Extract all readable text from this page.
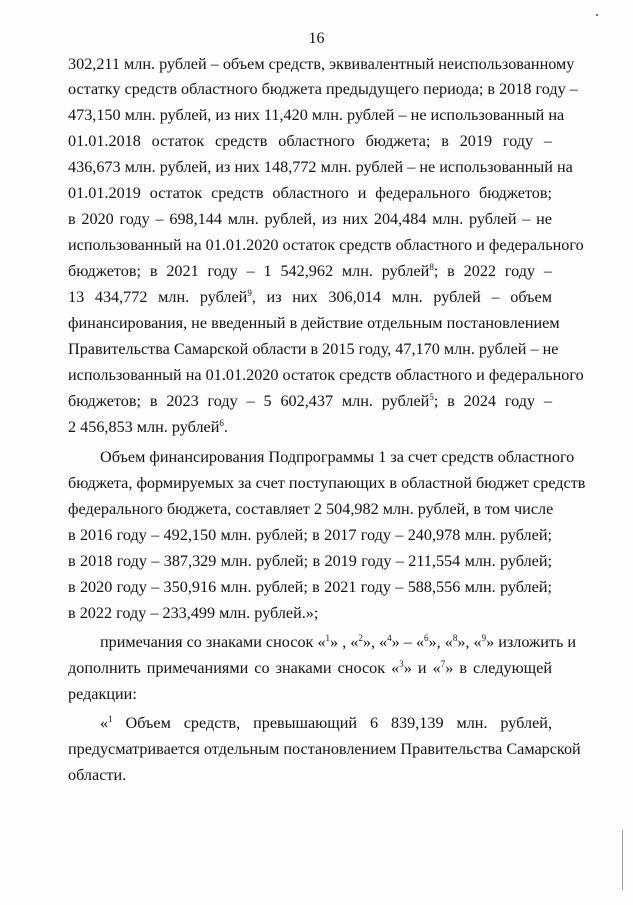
16
302,211 млн. рублей – объем средств, эквивалентный неиспользованному
остатку средств областного бюджета предыдущего периода; в 2018 году –
473,150 млн. рублей, из них 11,420 млн. рублей – не использованный на
01.01.2018 остаток средств областного бюджета; в 2019 году –
436,673 млн. рублей, из них 148,772 млн. рублей – не использованный на
01.01.2019 остаток средств областного и федерального бюджетов;
в 2020 году – 698,144 млн. рублей, из них 204,484 млн. рублей – не
использованный на 01.01.2020 остаток средств областного и федерального
бюджетов; в 2021 году – 1 542,962 млн. рублей$^8$; в 2022 году –
13 434,772 млн. рублей$^9$, из них 306,014 млн. рублей – объем
финансирования, не введенный в действие отдельным постановлением
Правительства Самарской области в 2015 году, 47,170 млн. рублей – не
использованный на 01.01.2020 остаток средств областного и федерального
бюджетов; в 2023 году – 5 602,437 млн. рублей$^5$; в 2024 году –
2 456,853 млн. рублей$^6$.
Объем финансирования Подпрограммы 1 за счет средств областного
бюджета, формируемых за счет поступающих в областной бюджет средств
федерального бюджета, составляет 2 504,982 млн. рублей, в том числе
в 2016 году – 492,150 млн. рублей; в 2017 году – 240,978 млн. рублей;
в 2018 году – 387,329 млн. рублей; в 2019 году – 211,554 млн. рублей;
в 2020 году – 350,916 млн. рублей; в 2021 году – 588,556 млн. рублей;
в 2022 году – 233,499 млн. рублей.»;
примечания со знаками сносок «$^1$» , «$^2$», «$^4$» – «$^6$», «$^8$», «$^9$» изложить и
дополнить примечаниями со знаками сносок «$^3$» и «$^7$» в следующей
редакции:
«$^1$ Объем средств, превышающий 6 839,139 млн. рублей,
предусматривается отдельным постановлением Правительства Самарской
области.
